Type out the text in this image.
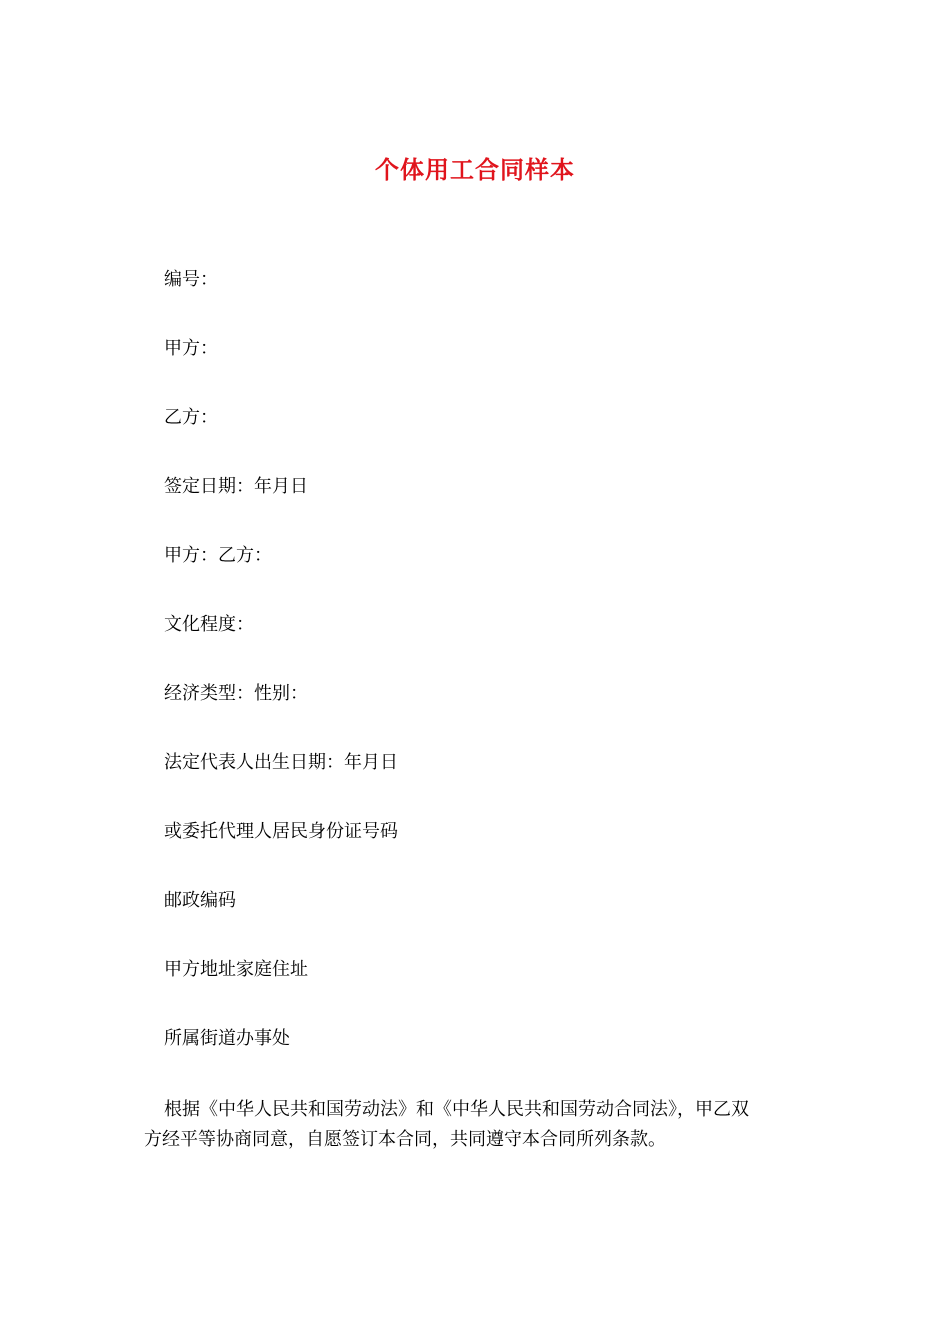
个体用工合同样本
编号：
甲方：
乙方：
签定日期：年月日
甲方：乙方：
文化程度：
经济类型：性别：
法定代表人出生日期：年月日
或委托代理人居民身份证号码
邮政编码
甲方地址家庭住址
所属街道办事处
根据《中华人民共和国劳动法》和《中华人民共和国劳动合同法》，甲乙双
方经平等协商同意，自愿签订本合同，共同遵守本合同所列条款。
